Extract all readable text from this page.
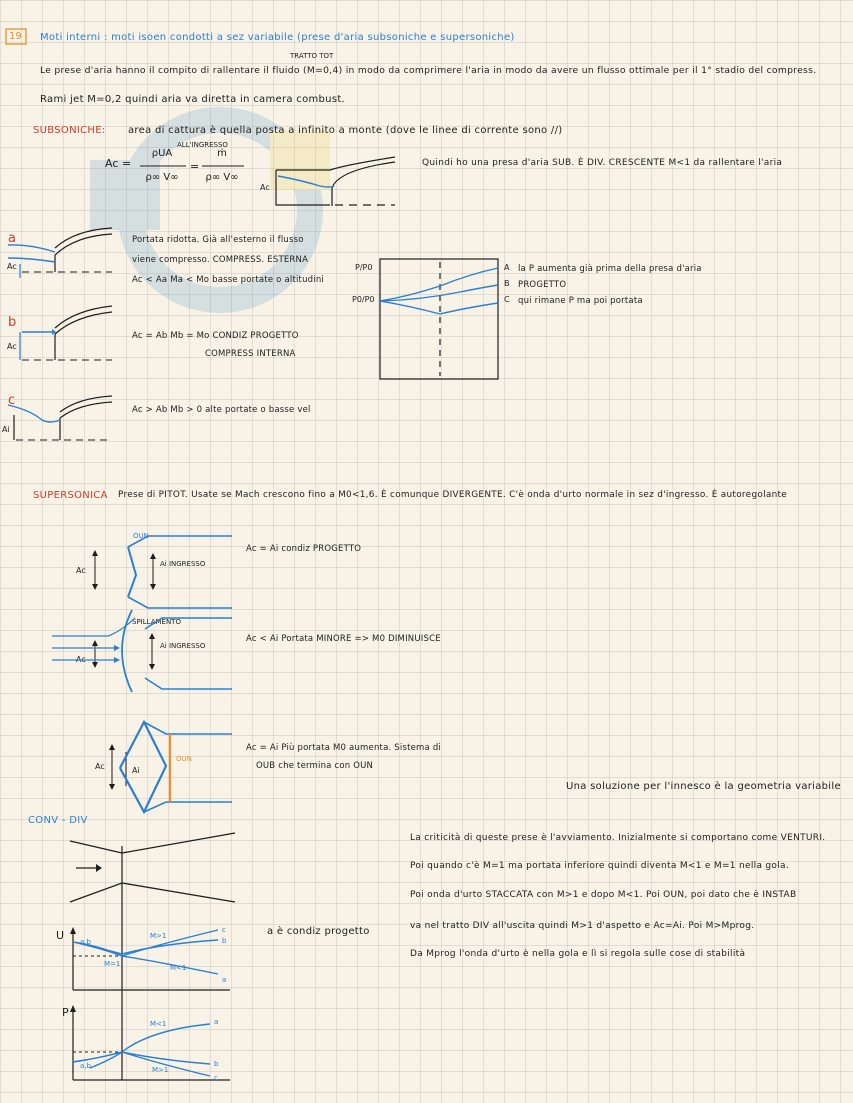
19 Moti interni : moti isoen condotti a sez variabile (prese d'aria subsoniche e supersoniche)
TRATTO TOT
Le prese d'aria hanno il compito di rallentare il fluido (M=0,4) in modo da comprimere l'aria in modo da avere un flusso ottimale per il 1° stadio del compress.
Rami jet M=0,2 quindi aria va diretta in camera combust.
SUBSONICHE: area di cattura è quella posta a infinito a monte (dove le linee di corrente sono //)
Ac =
ALL'INGRESSO
ρUA
ρ∞ V∞
=
ṁ
ρ∞ V∞
Ac
Quindi ho una presa d'aria SUB. È DIV. CRESCENTE M<1 da rallentare l'aria
a
Ac
Portata ridotta. Già all'esterno il flusso
viene compresso. COMPRESS. ESTERNA
Ac < Aa Ma < Mo basse portate o altitudini
b
Ac
Ac = Ab Mb = Mo CONDIZ PROGETTO
COMPRESS INTERNA
c
Ai
Ac > Ab Mb > 0 alte portate o basse vel
P/P0
P0/P0
A
B
C
la P aumenta già prima della presa d'aria
PROGETTO
qui rimane P ma poi portata
SUPERSONICA Prese di PITOT. Usate se Mach crescono fino a M0<1,6. È comunque DIVERGENTE. C'è onda d'urto normale in sez d'ingresso. È autoregolante
OUN
Ac
Ai INGRESSO
Ac = Ai condiz PROGETTO
SPILLAMENTO
Ac
Ai INGRESSO
Ac < Ai Portata MINORE => M0 DIMINUISCE
Ac	Ai
OUN
Ac = Ai Più portata M0 aumenta. Sistema di
OUB che termina con OUN
Una soluzione per l'innesco è la geometria variabile
CONV - DIV
U a,b
M>1
M=1	M<1
c
b
a
P
M<1
a,b	M>1
a
b
c
a è condiz progetto
La criticità di queste prese è l'avviamento. Inizialmente si comportano come VENTURI.
Poi quando c'è M=1 ma portata inferiore quindi diventa M<1 e M=1 nella gola.
Poi onda d'urto STACCATA con M>1 e dopo M<1. Poi OUN, poi dato che è INSTAB
va nel tratto DIV all'uscita quindi M>1 d'aspetto e Ac=Ai. Poi M>Mprog.
Da Mprog l'onda d'urto è nella gola e lì si regola sulle cose di stabilità
